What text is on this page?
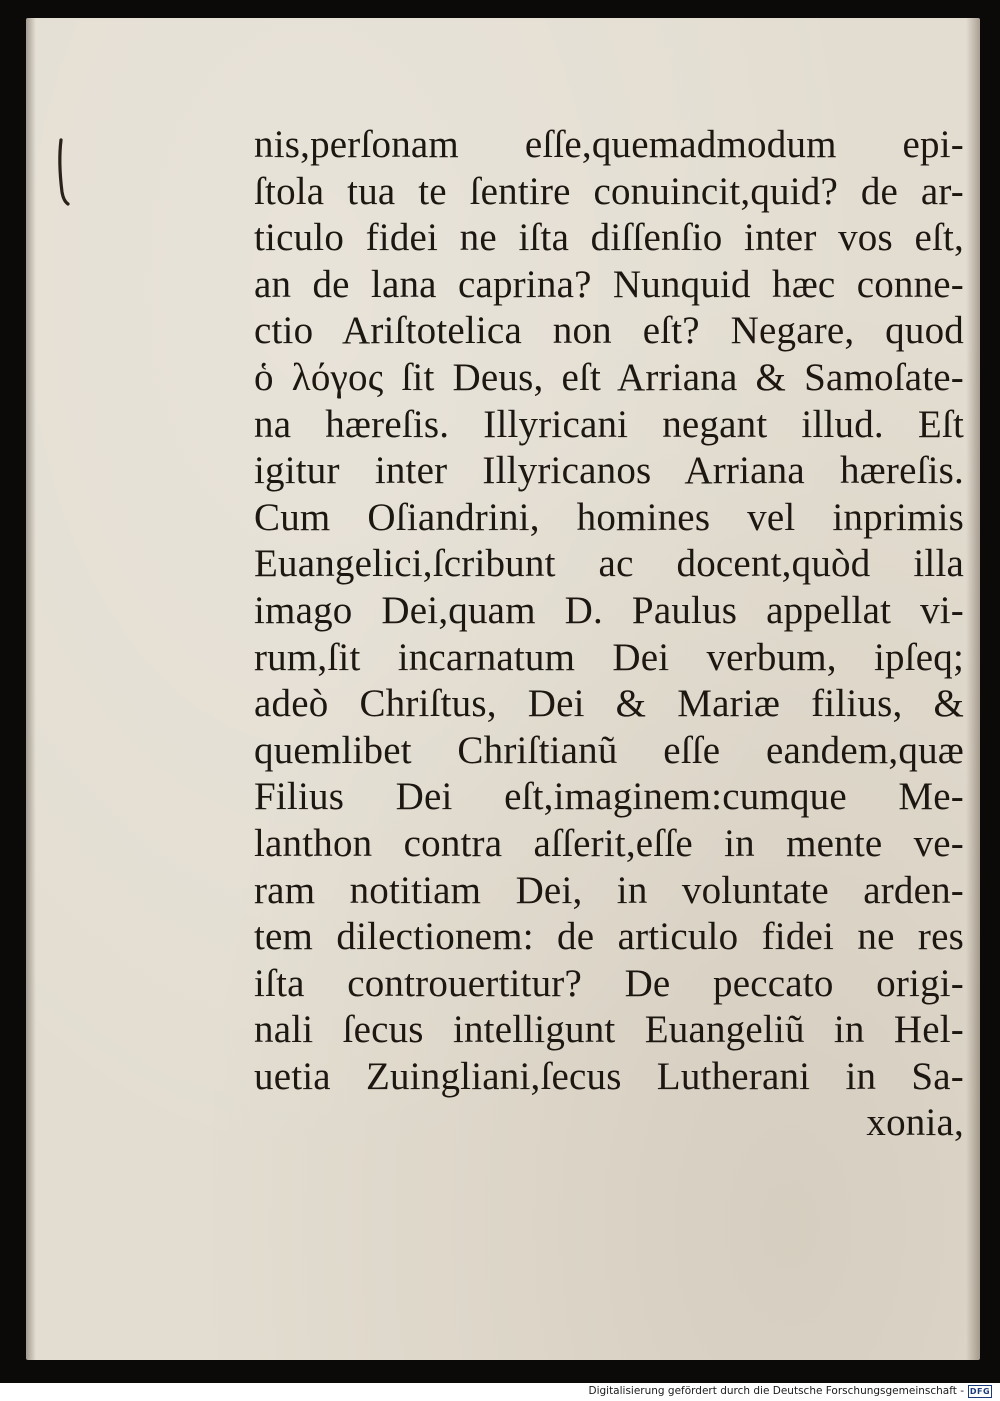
nis,perſonam eſſe,quemadmodum epi-
ſtola tua te ſentire conuincit,quid? de ar-
ticulo fidei ne iſta diſſenſio inter vos eſt,
an de lana caprina? Nunquid hæc conne-
ctio Ariſtotelica non eſt? Negare, quod
ὁ λόγος ſit Deus, eſt Arriana & Samoſate-
na hæreſis. Illyricani negant illud. Eſt
igitur inter Illyricanos Arriana hæreſis.
Cum Oſiandrini, homines vel inprimis
Euangelici,ſcribunt ac docent,quòd illa
imago Dei,quam D. Paulus appellat vi-
rum,ſit incarnatum Dei verbum, ipſeq;
adeò Chriſtus, Dei & Mariæ filius, &
quemlibet Chriſtianũ eſſe eandem,quæ
Filius Dei eſt,imaginem:cumque Me-
lanthon contra aſſerit,eſſe in mente ve-
ram notitiam Dei, in voluntate arden-
tem dilectionem: de articulo fidei ne res
iſta controuertitur? De peccato origi-
nali ſecus intelligunt Euangeliũ in Hel-
uetia Zuingliani,ſecus Lutherani in Sa-
xonia,
Digitalisierung gefördert durch die Deutsche Forschungsgemeinschaft - DFG
